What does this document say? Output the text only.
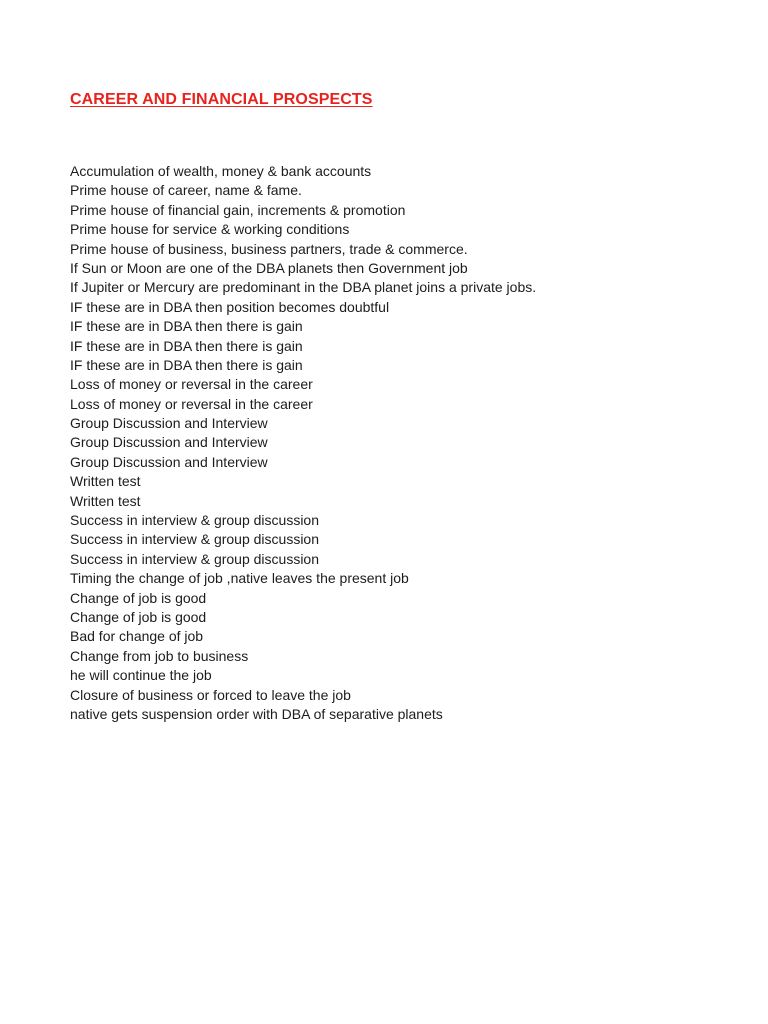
CAREER AND FINANCIAL PROSPECTS
Accumulation of wealth, money & bank accounts
Prime house of career, name & fame.
Prime house of financial gain, increments & promotion
Prime house for service & working conditions
Prime house of business, business partners, trade & commerce.
If Sun or Moon are one of the DBA planets then Government job
If Jupiter or Mercury are predominant in the DBA planet joins a private jobs.
IF these are in DBA then position becomes doubtful
IF these are in DBA then there is gain
IF these are in DBA then there is gain
IF these are in DBA then there is gain
Loss of money or reversal in the career
Loss of money or reversal in the career
Group Discussion and Interview
Group Discussion and Interview
Group Discussion and Interview
Written test
Written test
Success in interview & group discussion
Success in interview & group discussion
Success in interview & group discussion
Timing the change of job ,native leaves the present job
Change of job is good
Change of job is good
Bad for change of job
Change from job to business
he will continue the job
Closure of business or forced to leave the job
native gets suspension order with DBA of separative planets
